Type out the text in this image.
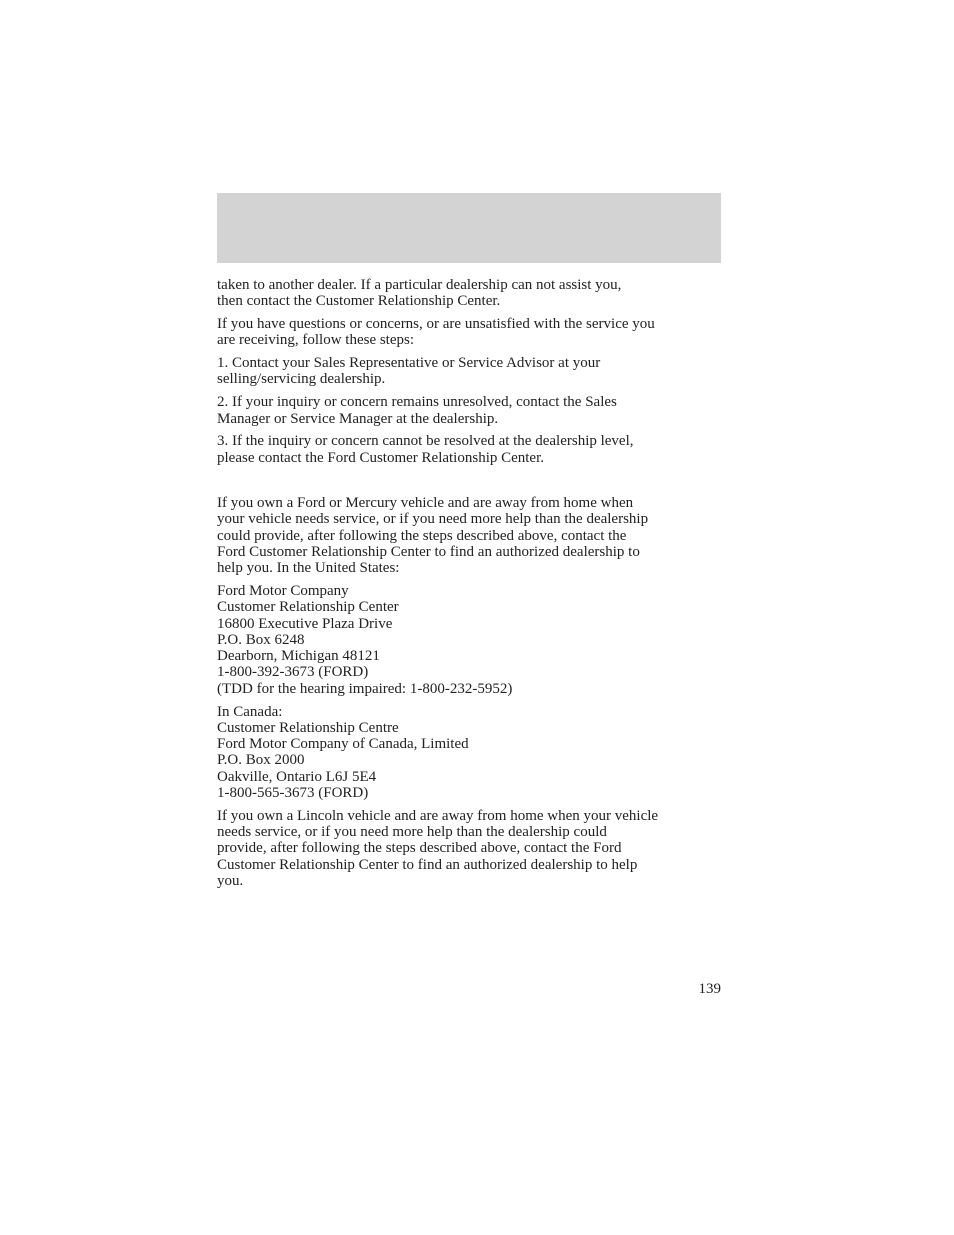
taken to another dealer. If a particular dealership can not assist you,
then contact the Customer Relationship Center.

If you have questions or concerns, or are unsatisfied with the service you
are receiving, follow these steps:

1. Contact your Sales Representative or Service Advisor at your
selling/servicing dealership.

2. If your inquiry or concern remains unresolved, contact the Sales
Manager or Service Manager at the dealership.

3. If the inquiry or concern cannot be resolved at the dealership level,
please contact the Ford Customer Relationship Center.

If you own a Ford or Mercury vehicle and are away from home when
your vehicle needs service, or if you need more help than the dealership
could provide, after following the steps described above, contact the
Ford Customer Relationship Center to find an authorized dealership to
help you. In the United States:

Ford Motor Company
Customer Relationship Center
16800 Executive Plaza Drive
P.O. Box 6248
Dearborn, Michigan 48121
1-800-392-3673 (FORD)
(TDD for the hearing impaired: 1-800-232-5952)

In Canada:
Customer Relationship Centre
Ford Motor Company of Canada, Limited
P.O. Box 2000
Oakville, Ontario L6J 5E4
1-800-565-3673 (FORD)

If you own a Lincoln vehicle and are away from home when your vehicle
needs service, or if you need more help than the dealership could
provide, after following the steps described above, contact the Ford
Customer Relationship Center to find an authorized dealership to help
you.

139
